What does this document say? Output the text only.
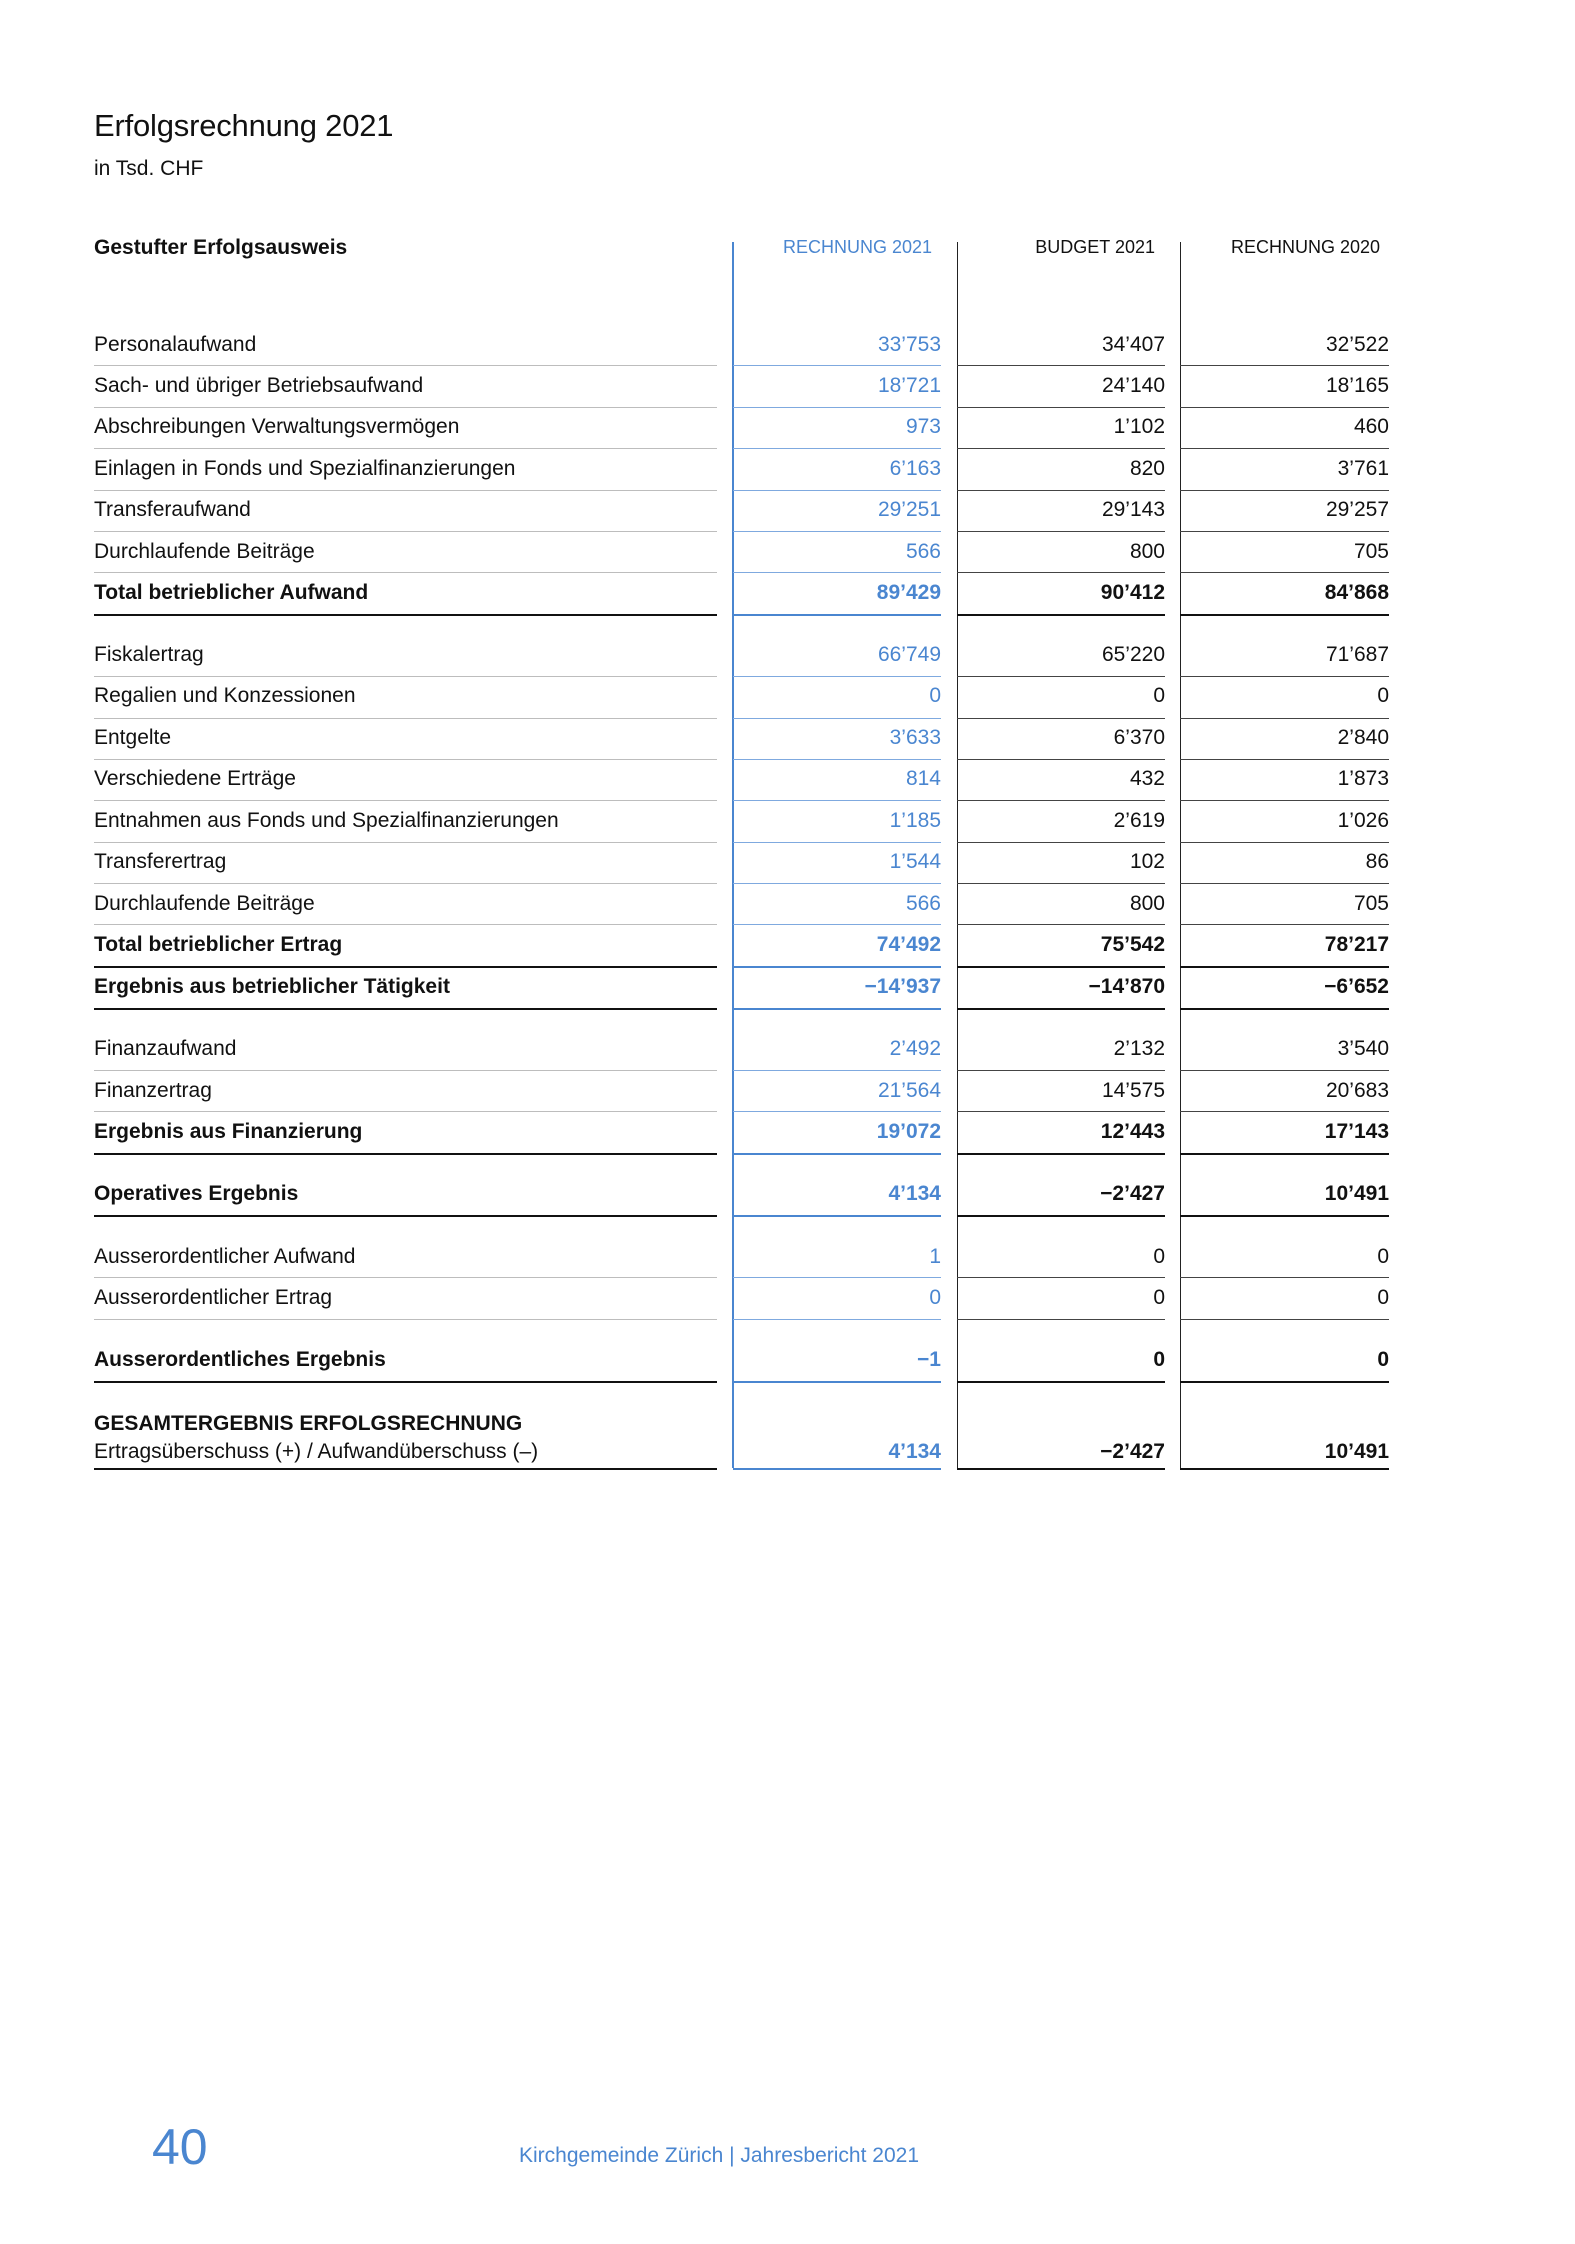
Erfolgsrechnung 2021
in Tsd. CHF
Gestufter Erfolgsausweis	RECHNUNG 2021	BUDGET 2021	RECHNUNG 2020
Personalaufwand	33’753	34’407	32’522
Sach- und übriger Betriebsaufwand	18’721	24’140	18’165
Abschreibungen Verwaltungsvermögen	973	1’102	460
Einlagen in Fonds und Spezialfinanzierungen	6’163	820	3’761
Transferaufwand	29’251	29’143	29’257
Durchlaufende Beiträge	566	800	705
Total betrieblicher Aufwand	89’429	90’412	84’868
Fiskalertrag	66’749	65’220	71’687
Regalien und Konzessionen	0	0	0
Entgelte	3’633	6’370	2’840
Verschiedene Erträge	814	432	1’873
Entnahmen aus Fonds und Spezialfinanzierungen	1’185	2’619	1’026
Transferertrag	1’544	102	86
Durchlaufende Beiträge	566	800	705
Total betrieblicher Ertrag	74’492	75’542	78’217
Ergebnis aus betrieblicher Tätigkeit	−14’937	−14’870	−6’652
Finanzaufwand	2’492	2’132	3’540
Finanzertrag	21’564	14’575	20’683
Ergebnis aus Finanzierung	19’072	12’443	17’143
Operatives Ergebnis	4’134	−2’427	10’491
Ausserordentlicher Aufwand	1	0	0
Ausserordentlicher Ertrag	0	0	0
Ausserordentliches Ergebnis	−1	0	0
GESAMTERGEBNIS ERFOLGSRECHNUNG
Ertragsüberschuss (+) / Aufwandüberschuss (–)	4’134	−2’427	10’491
40	Kirchgemeinde Zürich | Jahresbericht 2021
